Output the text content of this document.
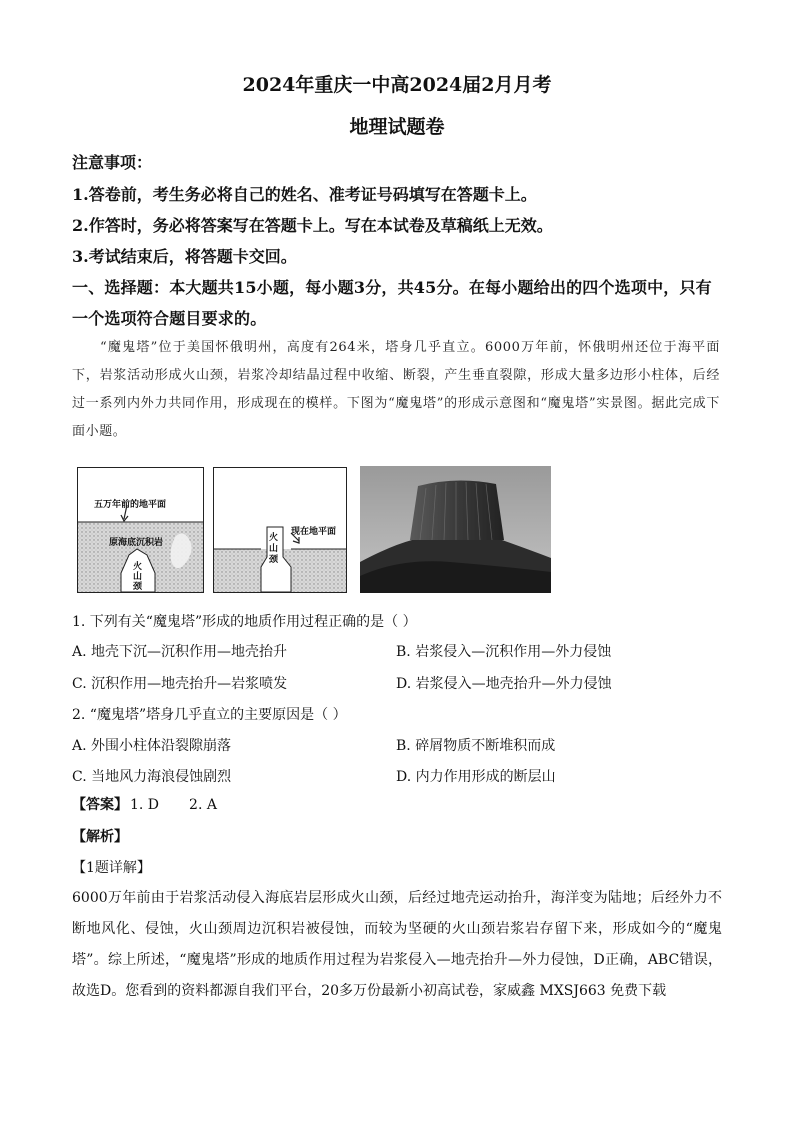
2024年重庆一中高2024届2月月考
地理试题卷
注意事项：
1.答卷前，考生务必将自己的姓名、准考证号码填写在答题卡上。
2.作答时，务必将答案写在答题卡上。写在本试卷及草稿纸上无效。
3.考试结束后，将答题卡交回。
一、选择题：本大题共15小题，每小题3分，共45分。在每小题给出的四个选项中，只有
一个选项符合题目要求的。
“魔鬼塔”位于美国怀俄明州，高度有264米，塔身几乎直立。6000万年前，怀俄明州还位于海平面下，岩浆活动形成火山颈，岩浆冷却结晶过程中收缩、断裂，产生垂直裂隙，形成大量多边形小柱体，后经过一系列内外力共同作用，形成现在的模样。下图为“魔鬼塔”的形成示意图和“魔鬼塔”实景图。据此完成下面小题。
五万年前的地平面
原海底沉积岩
火
山
颈
火
山
颈
现在地平面
1. 下列有关“魔鬼塔”形成的地质作用过程正确的是（ ）
A. 地壳下沉—沉积作用—地壳抬升	B. 岩浆侵入—沉积作用—外力侵蚀
C. 沉积作用—地壳抬升—岩浆喷发	D. 岩浆侵入—地壳抬升—外力侵蚀
2. “魔鬼塔”塔身几乎直立的主要原因是（ ）
A. 外围小柱体沿裂隙崩落	B. 碎屑物质不断堆积而成
C. 当地风力海浪侵蚀剧烈	D. 内力作用形成的断层山
【答案】 1. D 2. A
【解析】
【1题详解】
6000万年前由于岩浆活动侵入海底岩层形成火山颈，后经过地壳运动抬升，海洋变为陆地；后经外力不断地风化、侵蚀，火山颈周边沉积岩被侵蚀，而较为坚硬的火山颈岩浆岩存留下来，形成如今的“魔鬼塔”。综上所述，“魔鬼塔”形成的地质作用过程为岩浆侵入—地壳抬升—外力侵蚀，D正确，ABC错误，故选D。您看到的资料都源自我们平台，20多万份最新小初高试卷，家威鑫 MXSJ663 免费下载
